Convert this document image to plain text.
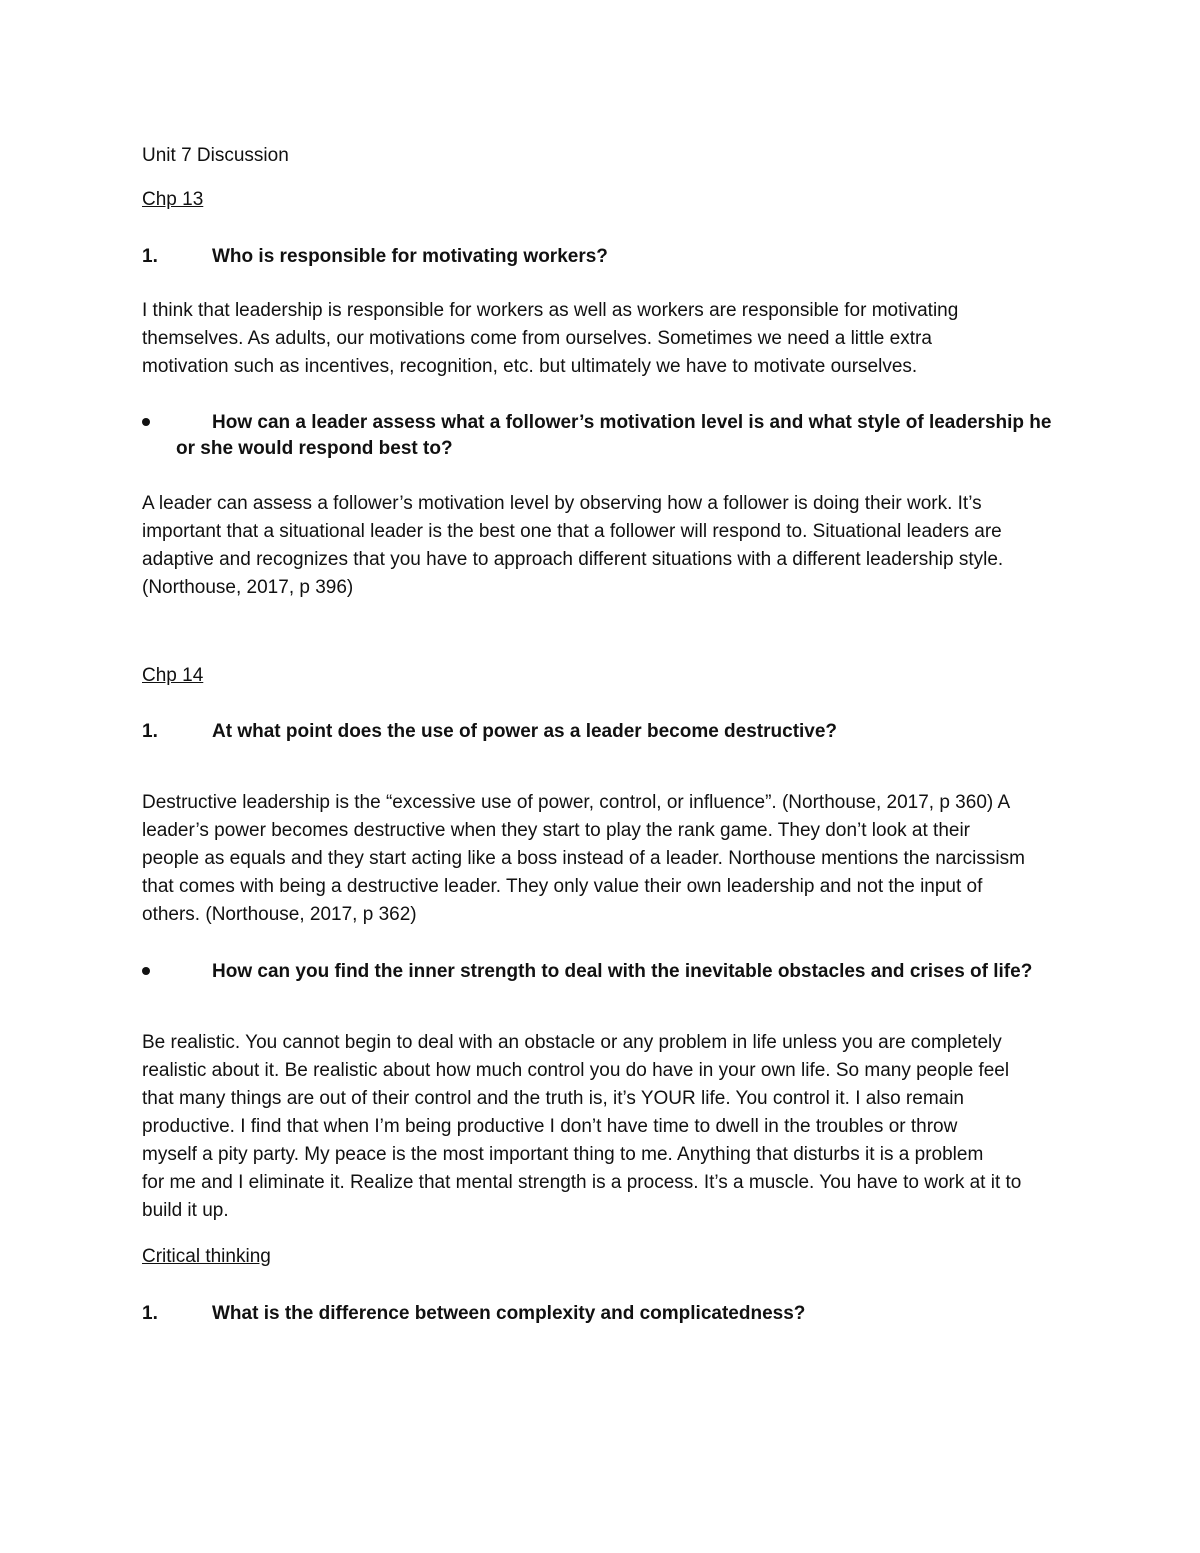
Unit 7 Discussion
Chp 13
1.	Who is responsible for motivating workers?
I think that leadership is responsible for workers as well as workers are responsible for motivating
themselves. As adults, our motivations come from ourselves. Sometimes we need a little extra
motivation such as incentives, recognition, etc. but ultimately we have to motivate ourselves.
How can a leader assess what a follower’s motivation level is and what style of leadership he
or she would respond best to?
A leader can assess a follower’s motivation level by observing how a follower is doing their work. It’s
important that a situational leader is the best one that a follower will respond to. Situational leaders are
adaptive and recognizes that you have to approach different situations with a different leadership style.
(Northouse, 2017, p 396)
Chp 14
1.	At what point does the use of power as a leader become destructive?
Destructive leadership is the “excessive use of power, control, or influence”. (Northouse, 2017, p 360) A
leader’s power becomes destructive when they start to play the rank game. They don’t look at their
people as equals and they start acting like a boss instead of a leader. Northouse mentions the narcissism
that comes with being a destructive leader. They only value their own leadership and not the input of
others. (Northouse, 2017, p 362)
How can you find the inner strength to deal with the inevitable obstacles and crises of life?
Be realistic. You cannot begin to deal with an obstacle or any problem in life unless you are completely
realistic about it. Be realistic about how much control you do have in your own life. So many people feel
that many things are out of their control and the truth is, it’s YOUR life. You control it. I also remain
productive. I find that when I’m being productive I don’t have time to dwell in the troubles or throw
myself a pity party. My peace is the most important thing to me. Anything that disturbs it is a problem
for me and I eliminate it. Realize that mental strength is a process. It’s a muscle. You have to work at it to
build it up.
Critical thinking
1.	What is the difference between complexity and complicatedness?
